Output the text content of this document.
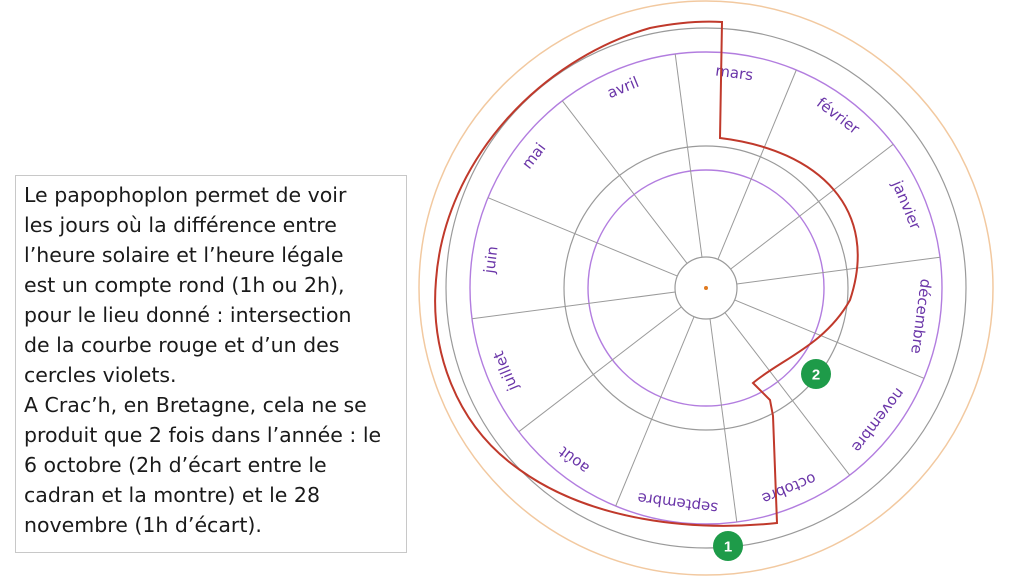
Le papophoplon permet de voir

les jours où la différence entre

l’heure solaire et l’heure légale

est un compte rond (1h ou 2h),

pour le lieu donné : intersection

de la courbe rouge et d’un des

cercles violets.

A Crac’h, en Bretagne, cela ne se

produit que 2 fois dans l’année : le

6 octobre (2h d’écart entre le

cadran et la montre) et le 28

novembre (1h d’écart).

janvier
février
mars
avril
mai
juin
juillet
août
septembre	octobre
novembre
décembre
1
2
